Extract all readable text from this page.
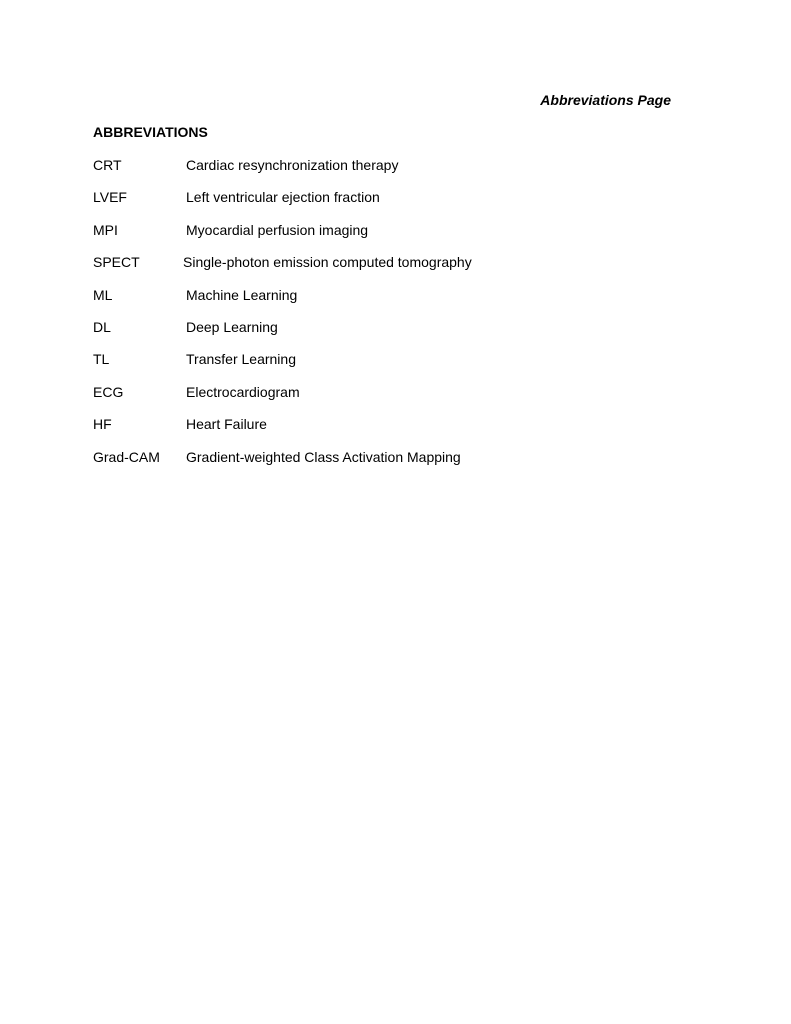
Abbreviations Page
ABBREVIATIONS
CRT	Cardiac resynchronization therapy
LVEF	Left ventricular ejection fraction
MPI	Myocardial perfusion imaging
SPECT	Single-photon emission computed tomography
ML	Machine Learning
DL	Deep Learning
TL	Transfer Learning
ECG	Electrocardiogram
HF	Heart Failure
Grad-CAM	Gradient-weighted Class Activation Mapping
